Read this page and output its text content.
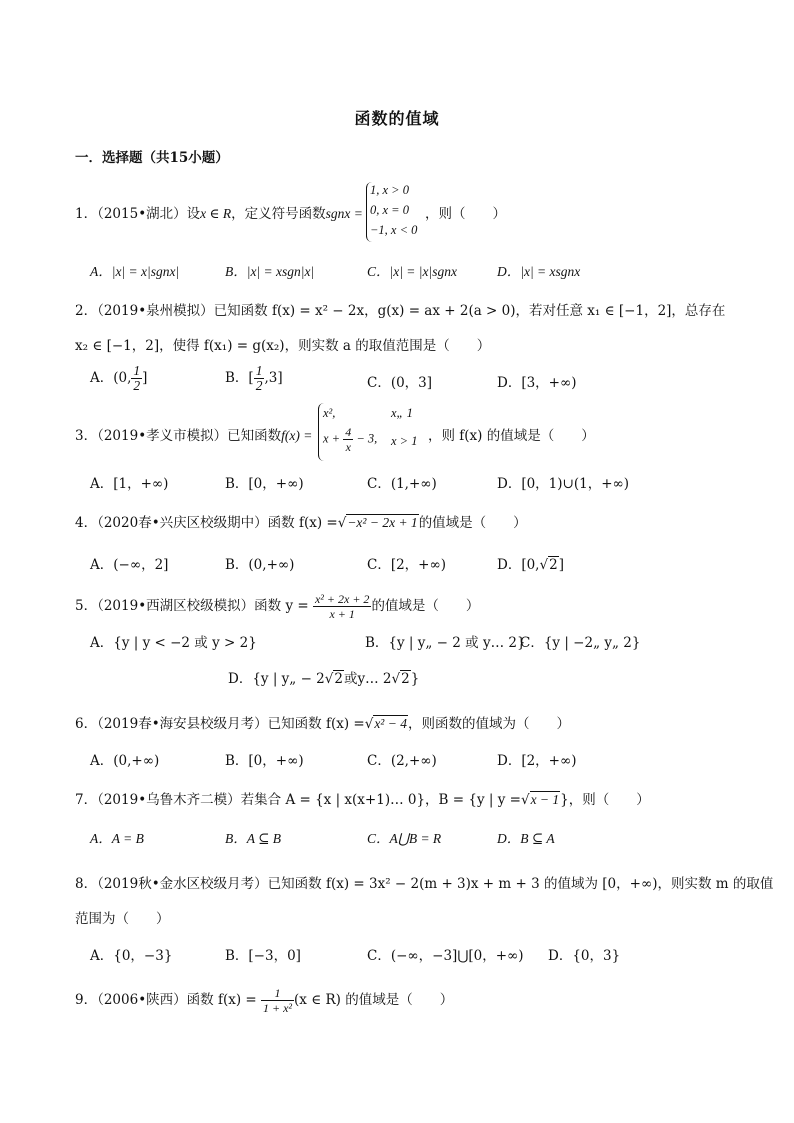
函数的值域
一．选择题（共15小题）
1．（2015•湖北）设x ∈ R，定义符号函数sgnx =
1, x > 0
0, x = 0
−1, x < 0
，则（　　）
A．|x| = x|sgnx|	B．|x| = xsgn|x|	C．|x| = |x|sgnx	D．|x| = xsgnx
2．（2019•泉州模拟）已知函数 f(x) = x² − 2x，g(x) = ax + 2(a > 0)，若对任意 x₁ ∈ [−1，2]，总存在
x₂ ∈ [−1，2]，使得 f(x₁) = g(x₂)，则实数 a 的取值范围是（　　）
A．(0, $\frac{1}{2}$ ]	B．[ $\frac{1}{2} ,3$]	C．(0，3]	D．[3，+∞)
3．（2019•孝义市模拟）已知函数f(x) =
x²,	x„ 1
$x + \frac{4}{x} - 3$, x > 1 ，则 f(x) 的值域是（　　）
A．[1，+∞)	B．[0，+∞)	C．(1,+∞)	D．[0，1)∪(1，+∞)
4．（2020春•兴庆区校级期中）函数 f(x) =√−x² − 2x + 1的值域是（　　）
A．(−∞，2]	B．(0,+∞)	C．[2，+∞)	D．[0,√2]
5．（2019•西湖区校级模拟）函数 $y = \frac{\text{x² + 2x + 2}}{x + 1}$ 的值域是（　　）
A．{y | y < −2 或 y > 2}	B．{y | y„ − 2 或 y… 2}
C．{y | −2„ y„ 2}
D．{y | y„ − 2√2或y… 2√2}
6．（2019春•海安县校级月考）已知函数 f(x) =√x² − 4，则函数的值域为（　　）
A．(0,+∞)	B．[0，+∞)	C．(2,+∞)	D．[2，+∞)
7．（2019•乌鲁木齐二模）若集合 A = {x | x(x+1)… 0}，B = {y | y =√x − 1}，则（　　）
A．A = B	B．A ⊆ B	C．A⋃B = R	D．B ⊆ A
8．（2019秋•金水区校级月考）已知函数 f(x) = 3x² − 2(m + 3)x + m + 3 的值域为 [0，+∞)，则实数 m 的取值
范围为（　　）
A．{0，−3}	B．[−3，0]	C．(−∞，−3]⋃[0，+∞) D．{0，3}
9．（2006•陕西）函数 $f(x) = \frac{1}{\text{1 + x²}} (x$ ∈ R) 的值域是（　　）
